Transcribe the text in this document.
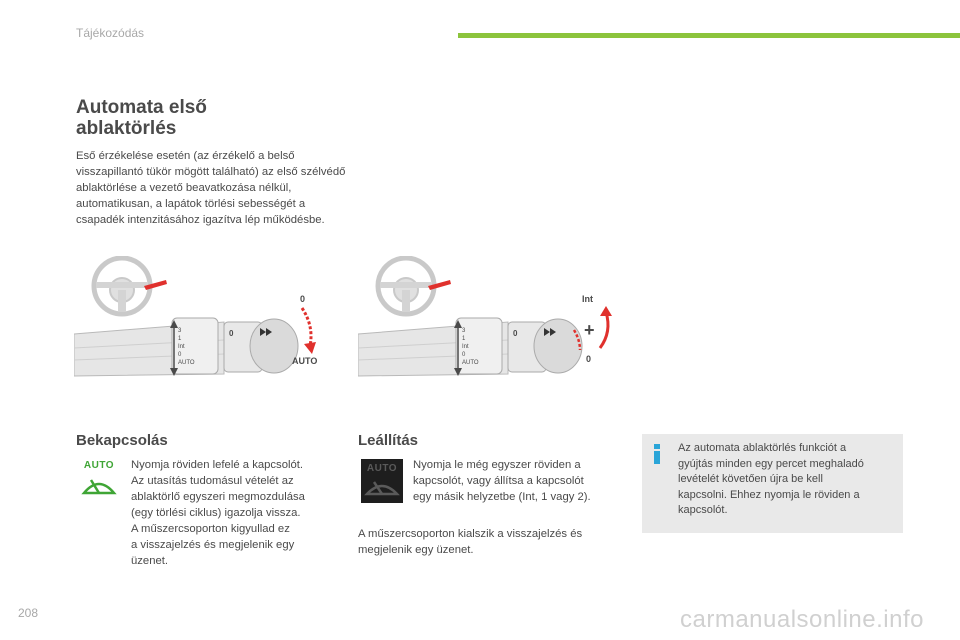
Tájékozódás
Automata első
ablaktörlés
Eső érzékelése esetén (az érzékelő a belső visszapillantó tükör mögött található) az első szélvédő ablaktörlése a vezető beavatkozása nélkül, automatikusan, a lapátok törlési sebességét a csapadék intenzitásához igazítva lép működésbe.
3
1
Int
0
AUTO
0
0
AUTO
3
1
Int
0
AUTO
0
Int
+
0
Bekapcsolás
AUTO	Nyomja röviden lefelé a kapcsolót.
Az utasítás tudomásul vételét az
ablaktörlő egyszeri megmozdulása
(egy törlési ciklus) igazolja vissza.
A műszercsoporton kigyullad ez
a visszajelzés és megjelenik egy
üzenet.
Leállítás
AUTO	Nyomja le még egyszer röviden a
kapcsolót, vagy állítsa a kapcsolót
egy másik helyzetbe (Int, 1 vagy 2).
A műszercsoporton kialszik a visszajelzés és
megjelenik egy üzenet.
Az automata ablaktörlés funkciót a
gyújtás minden egy percet meghaladó
levételét követően újra be kell
kapcsolni. Ehhez nyomja le röviden a
kapcsolót.
208	carmanualsonline.info
